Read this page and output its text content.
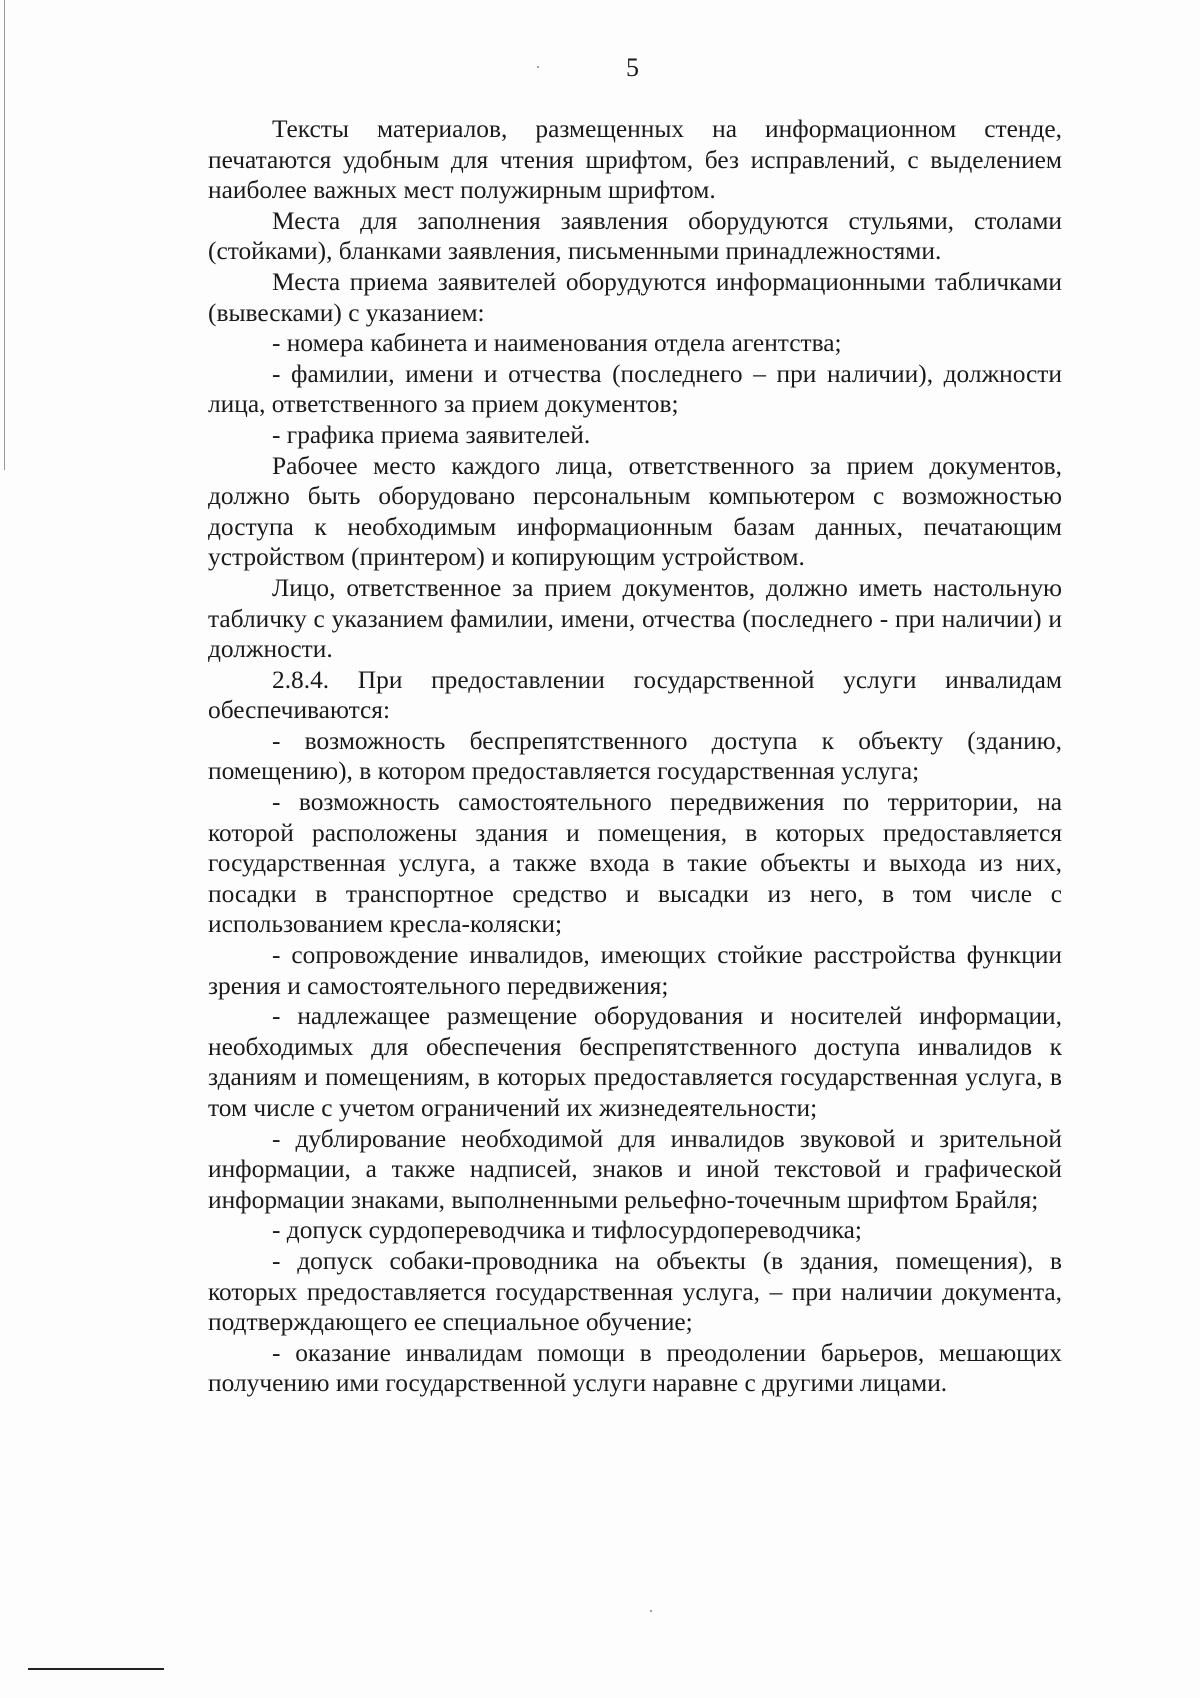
5

Тексты материалов, размещенных на информационном стенде, печатаются удобным для чтения шрифтом, без исправлений, с выделением наиболее важных мест полужирным шрифтом.

Места для заполнения заявления оборудуются стульями, столами (стойками), бланками заявления, письменными принадлежностями.

Места приема заявителей оборудуются информационными табличками (вывесками) с указанием:

- номера кабинета и наименования отдела агентства;

- фамилии, имени и отчества (последнего – при наличии), должности лица, ответственного за прием документов;

- графика приема заявителей.

Рабочее место каждого лица, ответственного за прием документов, должно быть оборудовано персональным компьютером с возможностью доступа к необходимым информационным базам данных, печатающим устройством (принтером) и копирующим устройством.

Лицо, ответственное за прием документов, должно иметь настольную табличку с указанием фамилии, имени, отчества (последнего - при наличии) и должности.

2.8.4. При предоставлении государственной услуги инвалидам обеспечиваются:

- возможность беспрепятственного доступа к объекту (зданию, помещению), в котором предоставляется государственная услуга;

- возможность самостоятельного передвижения по территории, на которой расположены здания и помещения, в которых предоставляется государственная услуга, а также входа в такие объекты и выхода из них, посадки в транспортное средство и высадки из него, в том числе с использованием кресла-коляски;

- сопровождение инвалидов, имеющих стойкие расстройства функции зрения и самостоятельного передвижения;

- надлежащее размещение оборудования и носителей информации, необходимых для обеспечения беспрепятственного доступа инвалидов к зданиям и помещениям, в которых предоставляется государственная услуга, в том числе с учетом ограничений их жизнедеятельности;

- дублирование необходимой для инвалидов звуковой и зрительной информации, а также надписей, знаков и иной текстовой и графической информации знаками, выполненными рельефно-точечным шрифтом Брайля;

- допуск сурдопереводчика и тифлосурдопереводчика;

- допуск собаки-проводника на объекты (в здания, помещения), в которых предоставляется государственная услуга, – при наличии документа, подтверждающего ее специальное обучение;

- оказание инвалидам помощи в преодолении барьеров, мешающих получению ими государственной услуги наравне с другими лицами.
